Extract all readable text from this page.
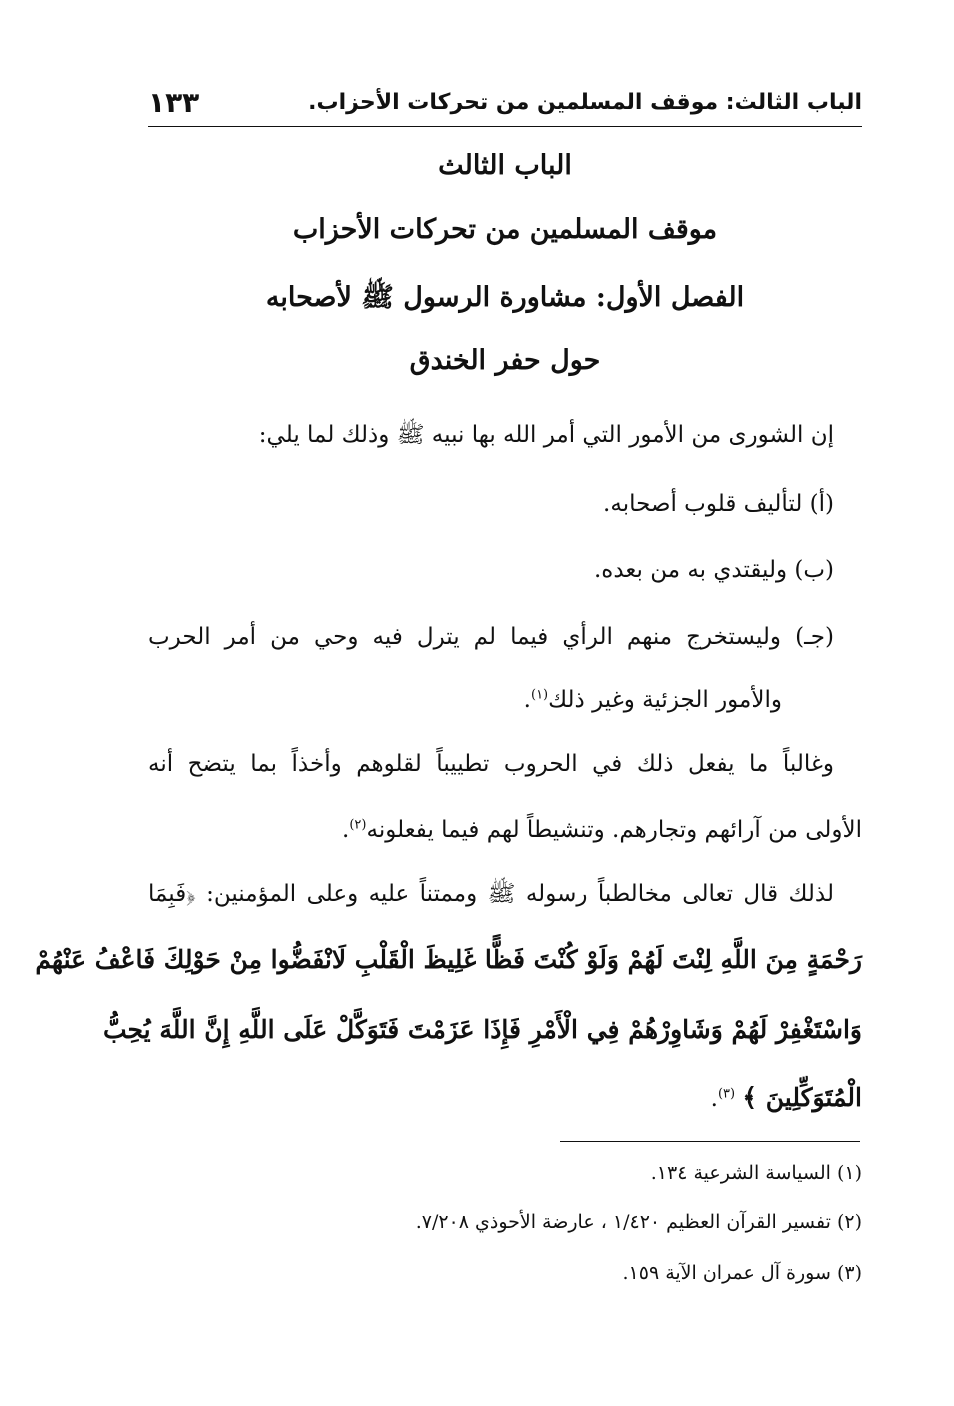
الباب الثالث: موقف المسلمين من تحركات الأحزاب.
١٣٣
الباب الثالث
موقف المسلمين من تحركات الأحزاب
الفصل الأول: مشاورة الرسول ﷺ لأصحابه
حول حفر الخندق
إن الشورى من الأمور التي أمر الله بها نبيه ﷺ وذلك لما يلي:
(أ) لتأليف قلوب أصحابه.
(ب) وليقتدي به من بعده.
(جـ) وليستخرج منهم الرأي فيما لم يترل فيه وحي من أمر الحرب
والأمور الجزئية وغير ذلك$^{(١)}$.
وغالباً ما يفعل ذلك في الحروب تطييباً لقلوهم وأخذاً بما يتضح أنه
الأولى من آرائهم وتجارهم. وتنشيطاً لهم فيما يفعلونه$^{(٢)}$.
لذلك قال تعالى مخالطباً رسوله ﷺ وممتناً عليه وعلى المؤمنين: ﴿فَبِمَا
رَحْمَةٍ مِنَ اللَّهِ لِنْتَ لَهُمْ وَلَوْ كُنْتَ فَظًّا غَلِيظَ الْقَلْبِ لَانْفَضُّوا مِنْ حَوْلِكَ فَاعْفُ عَنْهُمْ
وَاسْتَغْفِرْ لَهُمْ وَشَاوِرْهُمْ فِي الْأَمْرِ فَإِذَا عَزَمْتَ فَتَوَكَّلْ عَلَى اللَّهِ إِنَّ اللَّهَ يُحِبُّ
الْمُتَوَكِّلِينَ ﴾ $^{(٣)}$.
(١) السياسة الشرعية ١٣٤.
(٢) تفسير القرآن العظيم ١/٤٢٠ ، عارضة الأحوذي ٧/٢٠٨.
(٣) سورة آل عمران الآية ١٥٩.
